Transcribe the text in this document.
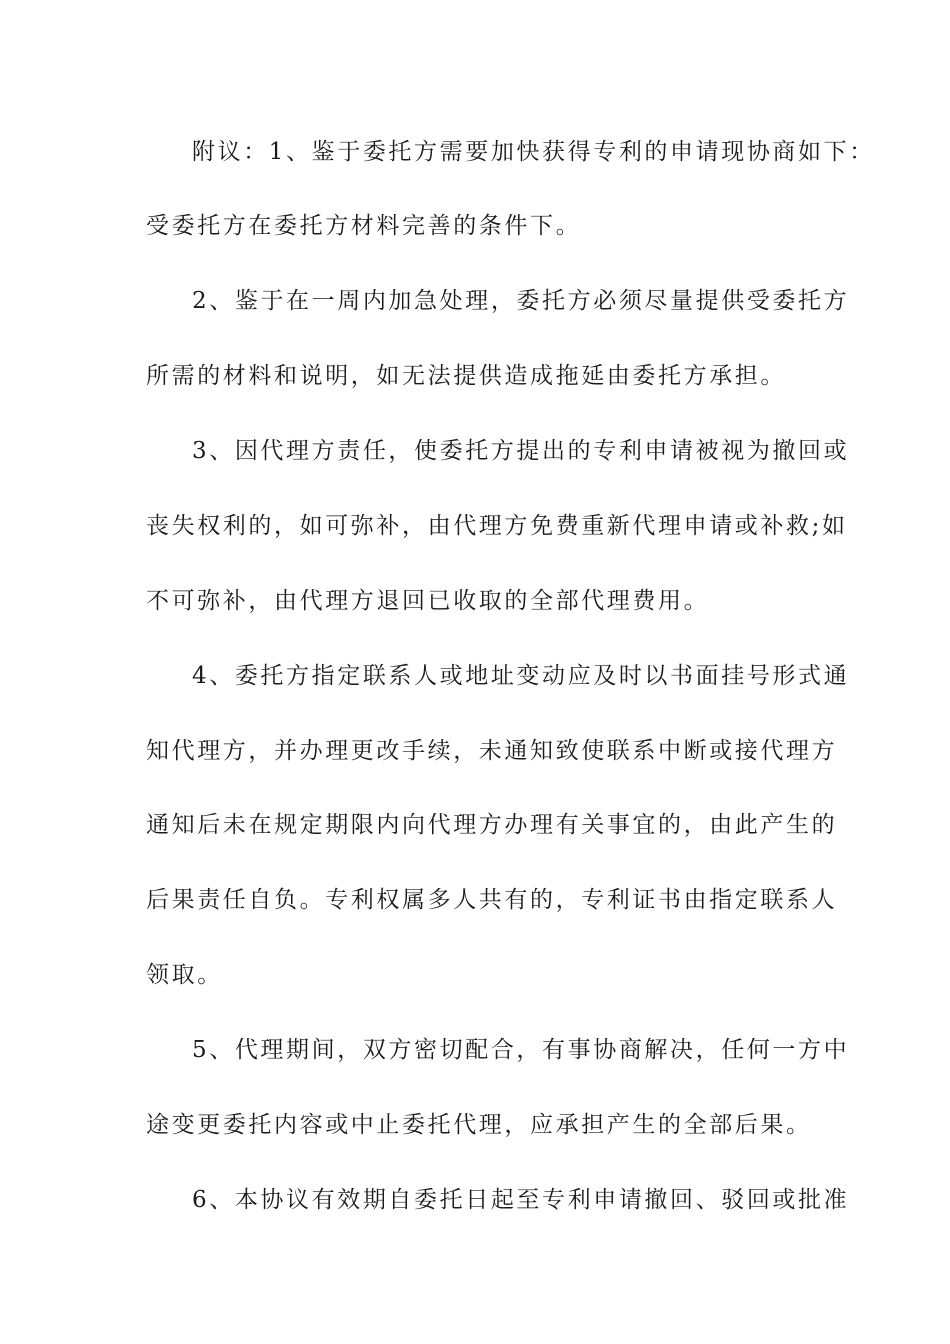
附议：1、鉴于委托方需要加快获得专利的申请现协商如下：
受委托方在委托方材料完善的条件下。
2、鉴于在一周内加急处理，委托方必须尽量提供受委托方
所需的材料和说明，如无法提供造成拖延由委托方承担。
3、因代理方责任，使委托方提出的专利申请被视为撤回或
丧失权利的，如可弥补，由代理方免费重新代理申请或补救;如
不可弥补，由代理方退回已收取的全部代理费用。
4、委托方指定联系人或地址变动应及时以书面挂号形式通
知代理方，并办理更改手续，未通知致使联系中断或接代理方
通知后未在规定期限内向代理方办理有关事宜的，由此产生的
后果责任自负。专利权属多人共有的，专利证书由指定联系人
领取。
5、代理期间，双方密切配合，有事协商解决，任何一方中
途变更委托内容或中止委托代理，应承担产生的全部后果。
6、本协议有效期自委托日起至专利申请撤回、驳回或批准
